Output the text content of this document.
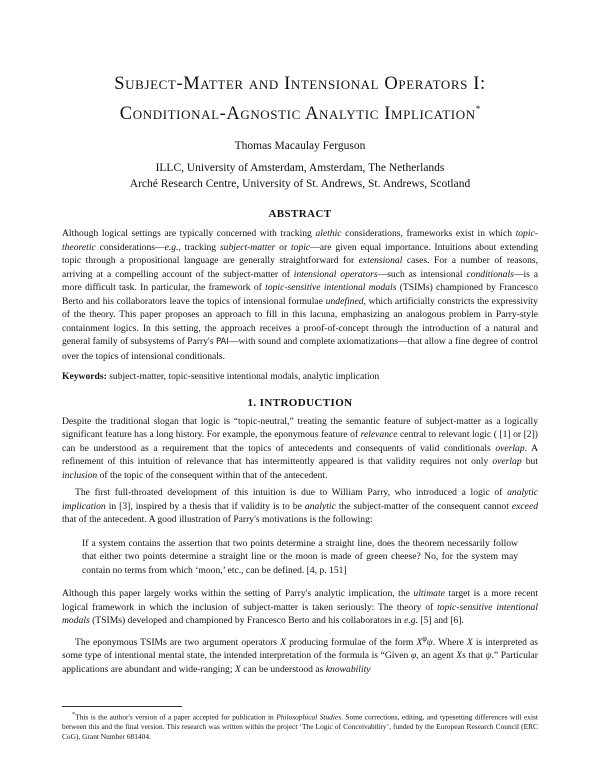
Subject-Matter and Intensional Operators I:
Conditional-Agnostic Analytic Implication*
Thomas Macaulay Ferguson
ILLC, University of Amsterdam, Amsterdam, The Netherlands
Arché Research Centre, University of St. Andrews, St. Andrews, Scotland
ABSTRACT
Although logical settings are typically concerned with tracking alethic considerations, frameworks exist in which topic-theoretic considerations—e.g., tracking subject-matter or topic—are given equal importance. Intuitions about extending topic through a propositional language are generally straightforward for extensional cases. For a number of reasons, arriving at a compelling account of the subject-matter of intensional operators—such as intensional conditionals—is a more difficult task. In particular, the framework of topic-sensitive intentional modals (TSIMs) championed by Francesco Berto and his collaborators leave the topics of intensional formulae undefined, which artificially constricts the expressivity of the theory. This paper proposes an approach to fill in this lacuna, emphasizing an analogous problem in Parry-style containment logics. In this setting, the approach receives a proof-of-concept through the introduction of a natural and general family of subsystems of Parry's PAI—with sound and complete axiomatizations—that allow a fine degree of control over the topics of intensional conditionals.
Keywords: subject-matter, topic-sensitive intentional modals, analytic implication
1. INTRODUCTION
Despite the traditional slogan that logic is “topic-neutral,” treating the semantic feature of subject-matter as a logically significant feature has a long history. For example, the eponymous feature of relevance central to relevant logic ( [1] or [2]) can be understood as a requirement that the topics of antecedents and consequents of valid conditionals overlap. A refinement of this intuition of relevance that has intermittently appeared is that validity requires not only overlap but inclusion of the topic of the consequent within that of the antecedent.
The first full-throated development of this intuition is due to William Parry, who introduced a logic of analytic implication in [3], inspired by a thesis that if validity is to be analytic the subject-matter of the consequent cannot exceed that of the antecedent. A good illustration of Parry's motivations is the following:
If a system contains the assertion that two points determine a straight line, does the theorem necessarily follow that either two points determine a straight line or the moon is made of green cheese? No, for the system may contain no terms from which ‘moon,’ etc., can be defined. [4, p. 151]
Although this paper largely works within the setting of Parry's analytic implication, the ultimate target is a more recent logical framework in which the inclusion of subject-matter is taken seriously: The theory of topic-sensitive intentional modals (TSIMs) developed and championed by Francesco Berto and his collaborators in e.g. [5] and [6].
The eponymous TSIMs are two argument operators X producing formulae of the form $X^\varphi\psi$. Where X is interpreted as some type of intentional mental state, the intended interpretation of the formula is “Given φ, an agent Xs that ψ.” Particular applications are abundant and wide-ranging; X can be understood as knowability
*This is the author's version of a paper accepted for publication in Philosophical Studies. Some corrections, editing, and typesetting differences will exist between this and the final version. This research was written within the project ‘The Logic of Conceivability’, funded by the European Research Council (ERC CoG), Grant Number 681404.
